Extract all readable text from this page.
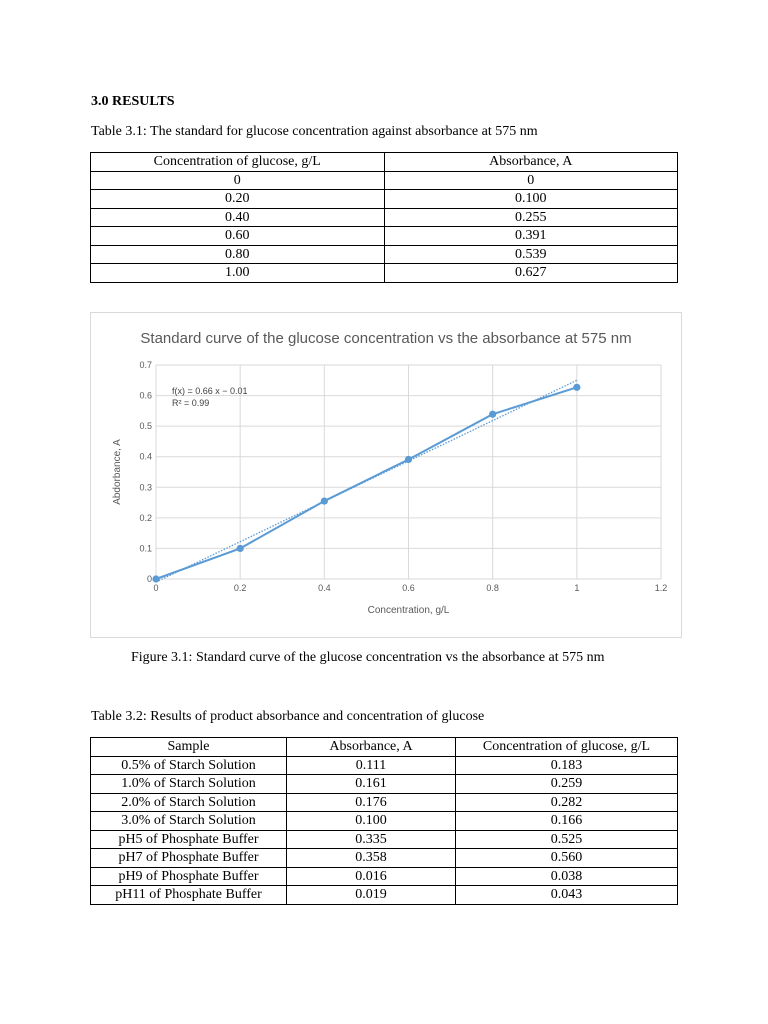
3.0 RESULTS
Table 3.1: The standard for glucose concentration against absorbance at 575 nm
Concentration of glucose, g/L	Absorbance, A
0	0
0.20	0.100
0.40	0.255
0.60	0.391
0.80	0.539
1.00	0.627
Standard curve of the glucose concentration vs the absorbance at 575 nm
0
0.1
0.2
0.3
0.4
0.5
0.6
0.7
0	0.2	0.4	0.6	0.8	1	1.2
Concentration, g/L
Abdorbance, A
f(x) = 0.66 x − 0.01
R² = 0.99
Figure 3.1: Standard curve of the glucose concentration vs the absorbance at 575 nm
Table 3.2: Results of product absorbance and concentration of glucose
Sample	Absorbance, A	Concentration of glucose, g/L
0.5% of Starch Solution	0.111	0.183
1.0% of Starch Solution	0.161	0.259
2.0% of Starch Solution	0.176	0.282
3.0% of Starch Solution	0.100	0.166
pH5 of Phosphate Buffer	0.335	0.525
pH7 of Phosphate Buffer	0.358	0.560
pH9 of Phosphate Buffer	0.016	0.038
pH11 of Phosphate Buffer	0.019	0.043
